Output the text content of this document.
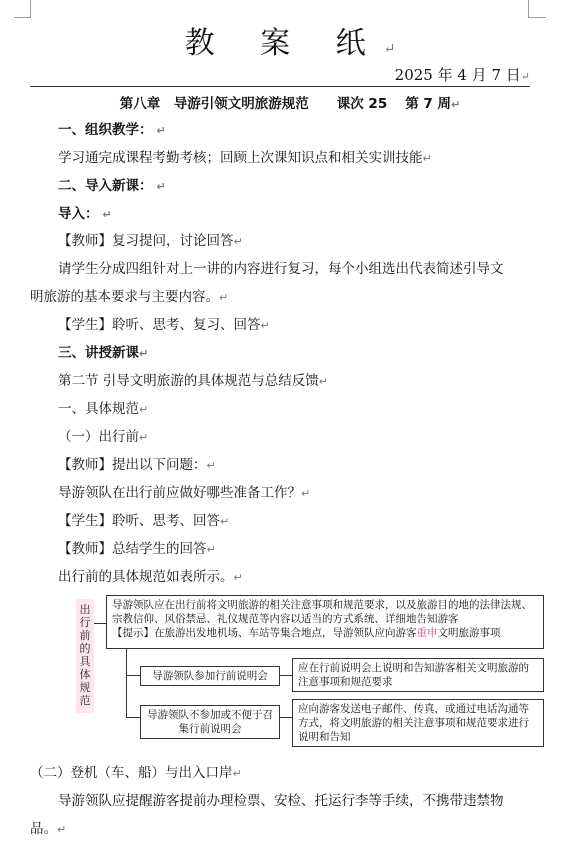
教 案 纸↵
2025 年 4 月 7 日↵
第八章　导游引领文明旅游规范 课次 25 第 7 周↵
一、组织教学： ↵
学习通完成课程考勤考核；回顾上次课知识点和相关实训技能↵
二、导入新课： ↵
导入： ↵
【教师】复习提问，讨论回答↵
请学生分成四组针对上一讲的内容进行复习，每个小组选出代表简述引导文
明旅游的基本要求与主要内容。↵
【学生】聆听、思考、复习、回答↵
三、讲授新课↵
第二节 引导文明旅游的具体规范与总结反馈↵
一、具体规范↵
（一）出行前↵
【教师】提出以下问题：↵
导游领队在出行前应做好哪些准备工作？↵
【学生】聆听、思考、回答↵
【教师】总结学生的回答↵
出行前的具体规范如表所示。↵
出行前的具体规范
导游领队应在出行前将文明旅游的相关注意事项和规范要求，以及旅游目的地的法律法规、宗教信仰、风俗禁忌、礼仪规范等内容以适当的方式系统、详细地告知游客
【提示】在旅游出发地机场、车站等集合地点，导游领队应向游客重申文明旅游事项
导游领队参加行前说明会
应在行前说明会上说明和告知游客相关文明旅游的注意事项和规范要求
导游领队不参加或不便于召集行前说明会
应向游客发送电子邮件、传真，或通过电话沟通等方式，将文明旅游的相关注意事项和规范要求进行说明和告知
（二）登机（车、船）与出入口岸↵
导游领队应提醒游客提前办理检票、安检、托运行李等手续，不携带违禁物
品。↵
